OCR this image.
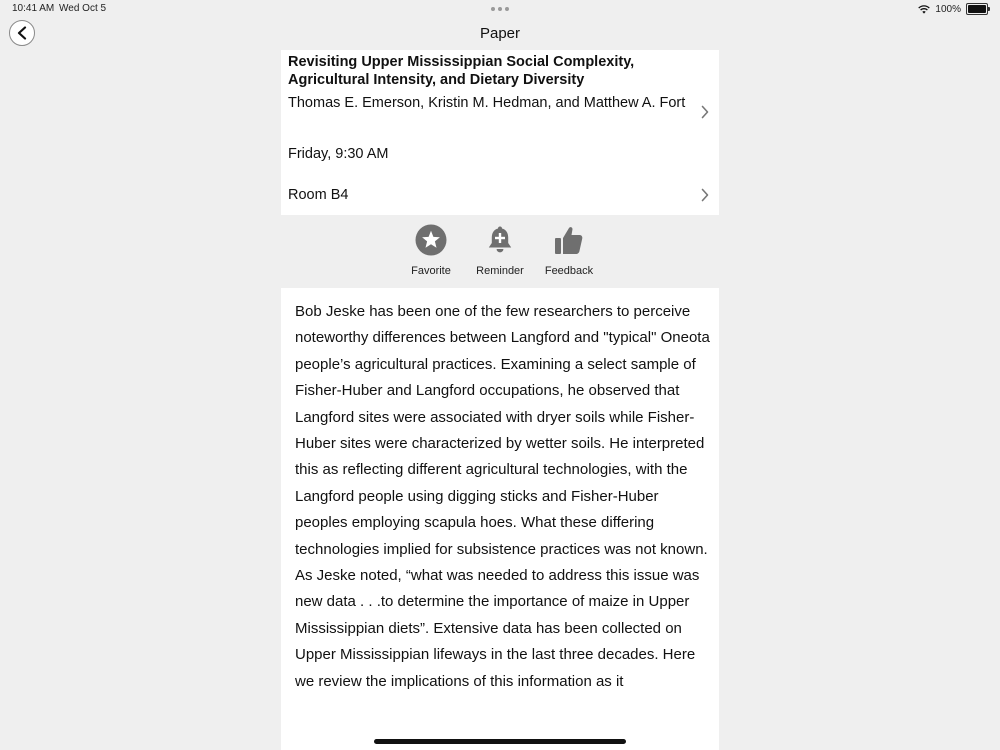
10:41 AM Wed Oct 5	100%
Paper
Revisiting Upper Mississippian Social Complexity, Agricultural Intensity, and Dietary Diversity
Thomas E. Emerson, Kristin M. Hedman, and Matthew A. Fort
Friday, 9:30 AM
Room B4
Favorite	Reminder	Feedback

Bob Jeske has been one of the few researchers to perceive noteworthy differences between Langford and "typical" Oneota people’s agricultural practices. Examining a select sample of Fisher-Huber and Langford occupations, he observed that Langford sites were associated with dryer soils while Fisher-Huber sites were characterized by wetter soils. He interpreted this as reflecting different agricultural technologies, with the Langford people using digging sticks and Fisher-Huber peoples employing scapula hoes. What these differing technologies implied for subsistence practices was not known. As Jeske noted, “what was needed to address this issue was new data . . .to determine the importance of maize in Upper Mississippian diets”. Extensive data has been collected on Upper Mississippian lifeways in the last three decades. Here we review the implications of this information as it
